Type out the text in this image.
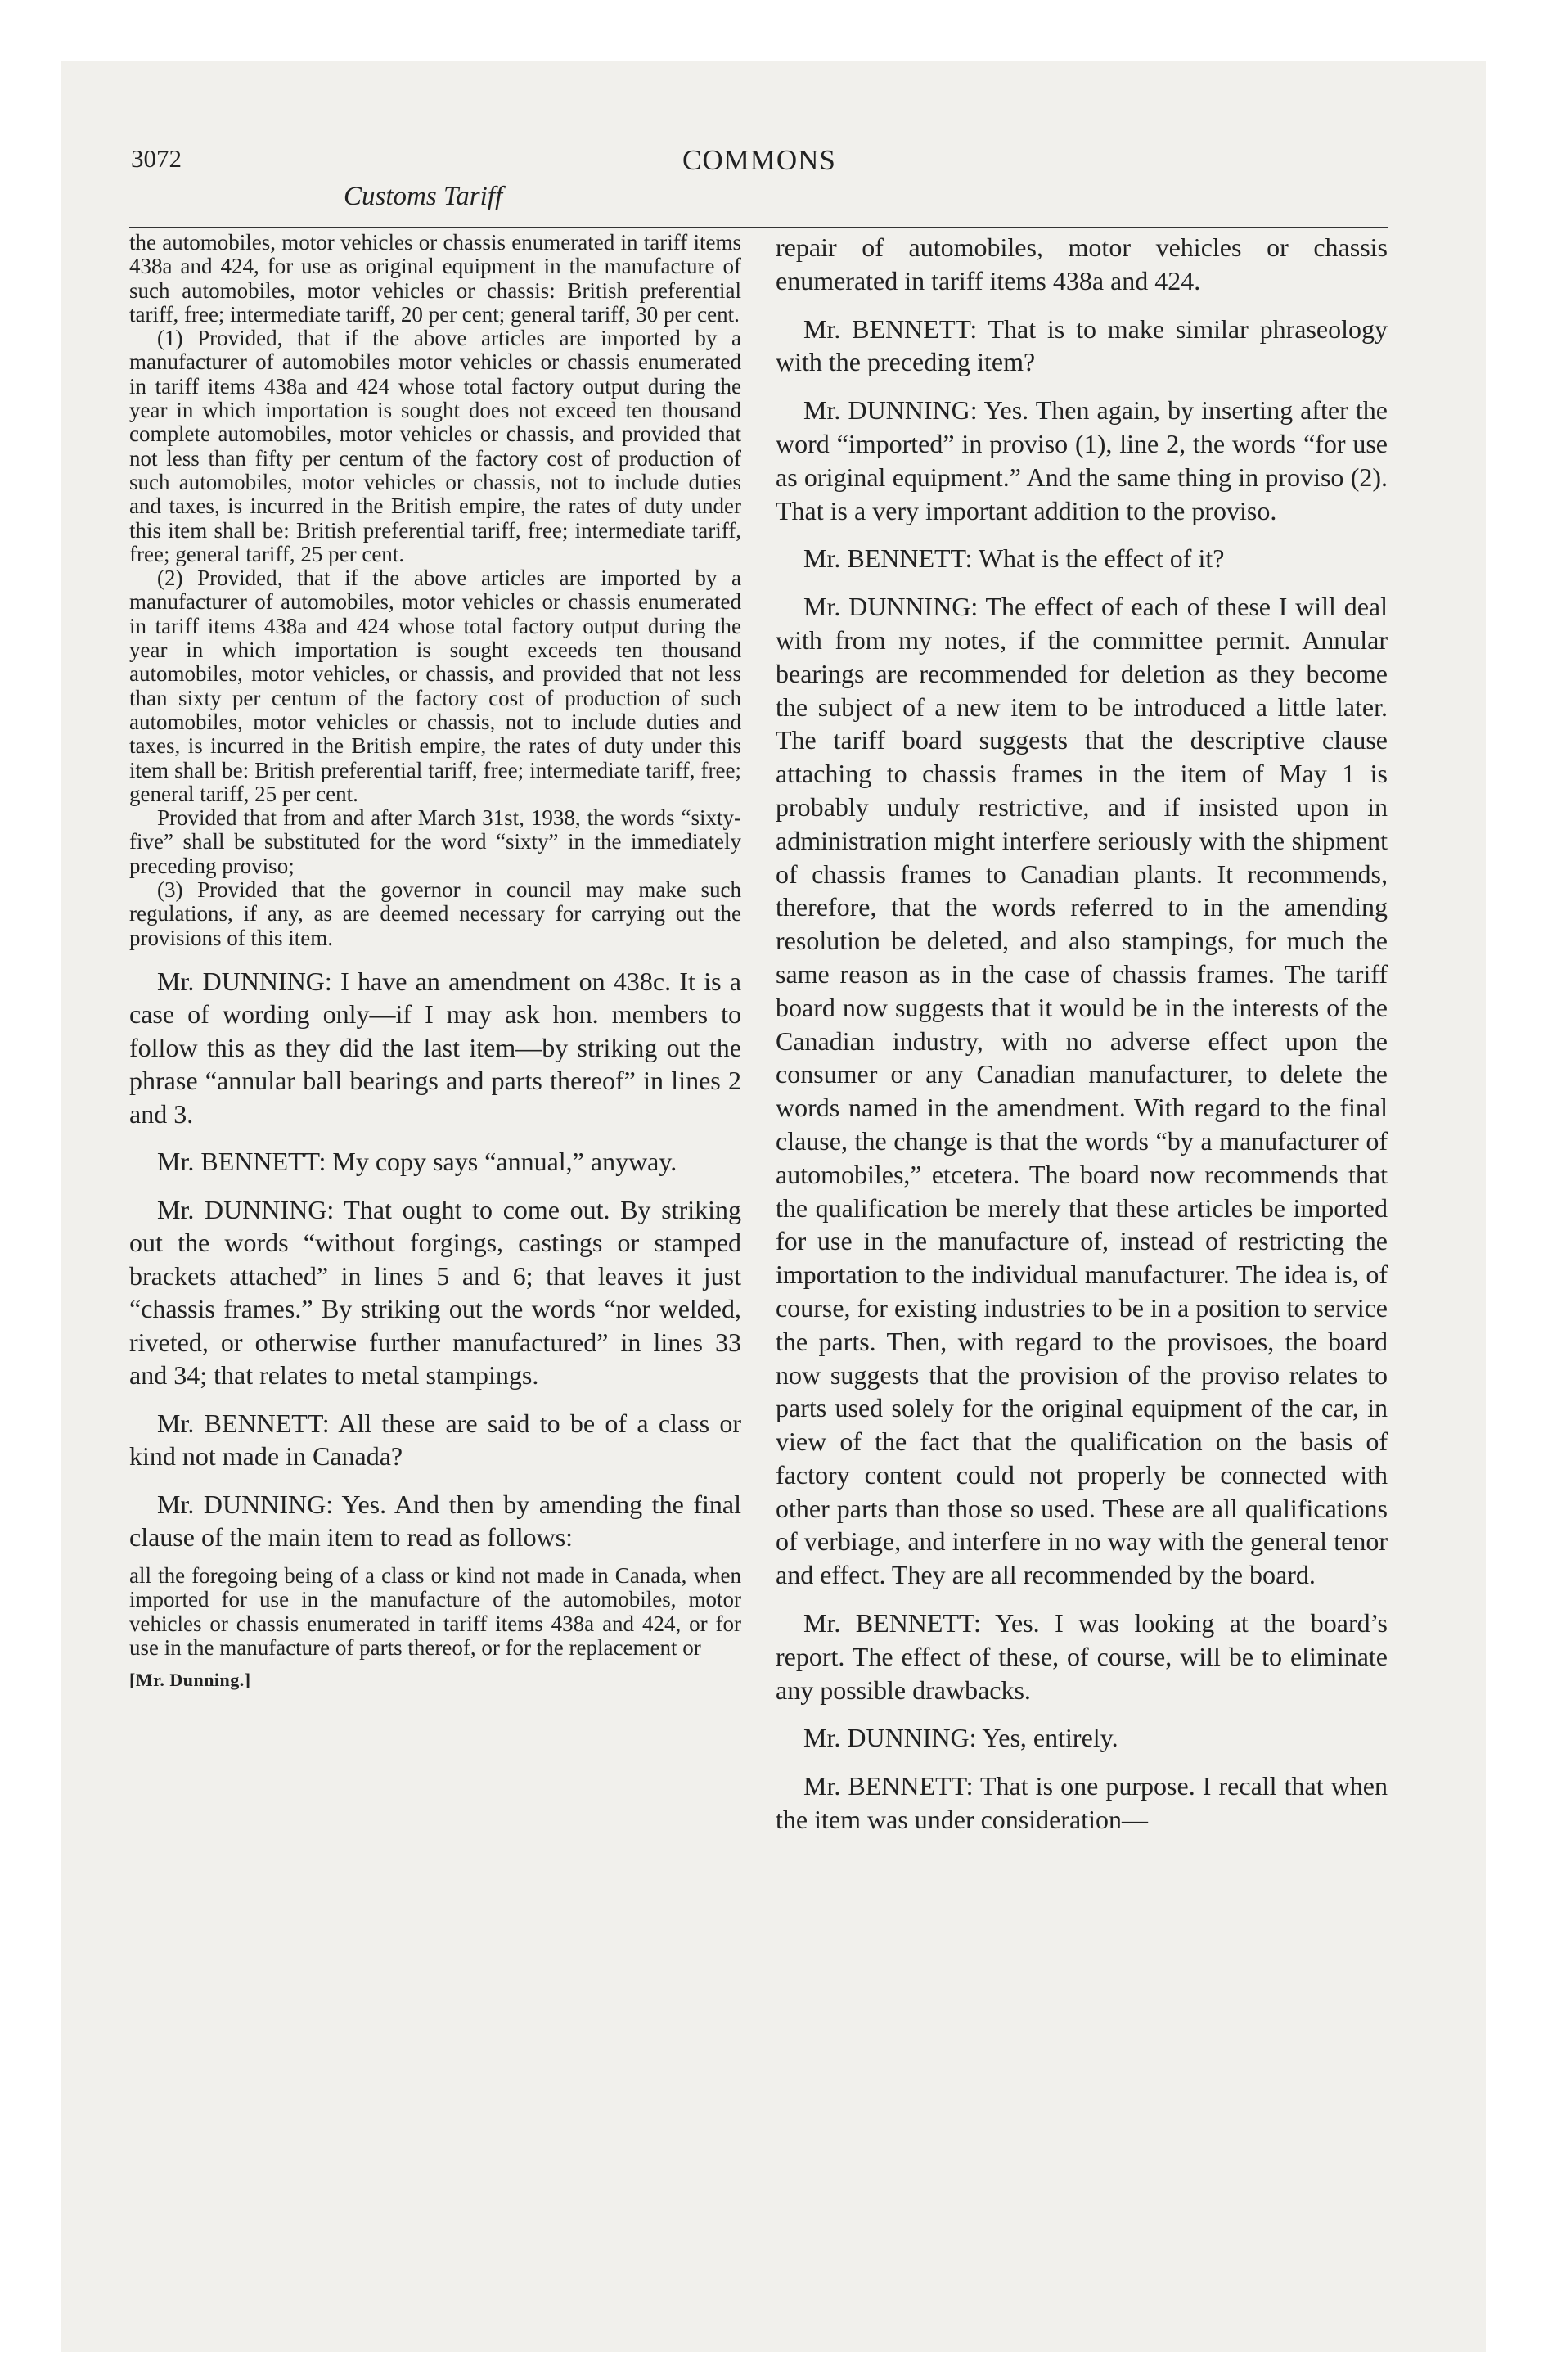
3072
Customs Tariff
COMMONS

the automobiles, motor vehicles or chassis enumerated in tariff items 438a and 424, for use as original equipment in the manufacture of such automobiles, motor vehicles or chassis: British preferential tariff, free; intermediate tariff, 20 per cent; general tariff, 30 per cent.

(1) Provided, that if the above articles are imported by a manufacturer of automobiles motor vehicles or chassis enumerated in tariff items 438a and 424 whose total factory output during the year in which importation is sought does not exceed ten thousand complete automobiles, motor vehicles or chassis, and provided that not less than fifty per centum of the factory cost of production of such automobiles, motor vehicles or chassis, not to include duties and taxes, is incurred in the British empire, the rates of duty under this item shall be: British preferential tariff, free; intermediate tariff, free; general tariff, 25 per cent.

(2) Provided, that if the above articles are imported by a manufacturer of automobiles, motor vehicles or chassis enumerated in tariff items 438a and 424 whose total factory output during the year in which importation is sought exceeds ten thousand automobiles, motor vehicles, or chassis, and provided that not less than sixty per centum of the factory cost of production of such automobiles, motor vehicles or chassis, not to include duties and taxes, is incurred in the British empire, the rates of duty under this item shall be: British preferential tariff, free; intermediate tariff, free; general tariff, 25 per cent.

Provided that from and after March 31st, 1938, the words “sixty-five” shall be substituted for the word “sixty” in the immediately preceding proviso;

(3) Provided that the governor in council may make such regulations, if any, as are deemed necessary for carrying out the provisions of this item.

Mr. DUNNING: I have an amendment on 438c. It is a case of wording only—if I may ask hon. members to follow this as they did the last item—by striking out the phrase “annular ball bearings and parts thereof” in lines 2 and 3.

Mr. BENNETT: My copy says “annual,” anyway.

Mr. DUNNING: That ought to come out. By striking out the words “without forgings, castings or stamped brackets attached” in lines 5 and 6; that leaves it just “chassis frames.” By striking out the words “nor welded, riveted, or otherwise further manufactured” in lines 33 and 34; that relates to metal stampings.

Mr. BENNETT: All these are said to be of a class or kind not made in Canada?

Mr. DUNNING: Yes. And then by amending the final clause of the main item to read as follows:

all the foregoing being of a class or kind not made in Canada, when imported for use in the manufacture of the automobiles, motor vehicles or chassis enumerated in tariff items 438a and 424, or for use in the manufacture of parts thereof, or for the replacement or

[Mr. Dunning.]

repair of automobiles, motor vehicles or chassis enumerated in tariff items 438a and 424.

Mr. BENNETT: That is to make similar phraseology with the preceding item?

Mr. DUNNING: Yes. Then again, by inserting after the word “imported” in proviso (1), line 2, the words “for use as original equipment.” And the same thing in proviso (2). That is a very important addition to the proviso.

Mr. BENNETT: What is the effect of it?

Mr. DUNNING: The effect of each of these I will deal with from my notes, if the committee permit. Annular bearings are recommended for deletion as they become the subject of a new item to be introduced a little later. The tariff board suggests that the descriptive clause attaching to chassis frames in the item of May 1 is probably unduly restrictive, and if insisted upon in administration might interfere seriously with the shipment of chassis frames to Canadian plants. It recommends, therefore, that the words referred to in the amending resolution be deleted, and also stampings, for much the same reason as in the case of chassis frames. The tariff board now suggests that it would be in the interests of the Canadian industry, with no adverse effect upon the consumer or any Canadian manufacturer, to delete the words named in the amendment. With regard to the final clause, the change is that the words “by a manufacturer of automobiles,” etcetera. The board now recommends that the qualification be merely that these articles be imported for use in the manufacture of, instead of restricting the importation to the individual manufacturer. The idea is, of course, for existing industries to be in a position to service the parts. Then, with regard to the provisoes, the board now suggests that the provision of the proviso relates to parts used solely for the original equipment of the car, in view of the fact that the qualification on the basis of factory content could not properly be connected with other parts than those so used. These are all qualifications of verbiage, and interfere in no way with the general tenor and effect. They are all recommended by the board.

Mr. BENNETT: Yes. I was looking at the board’s report. The effect of these, of course, will be to eliminate any possible drawbacks.

Mr. DUNNING: Yes, entirely.

Mr. BENNETT: That is one purpose. I recall that when the item was under consideration—
